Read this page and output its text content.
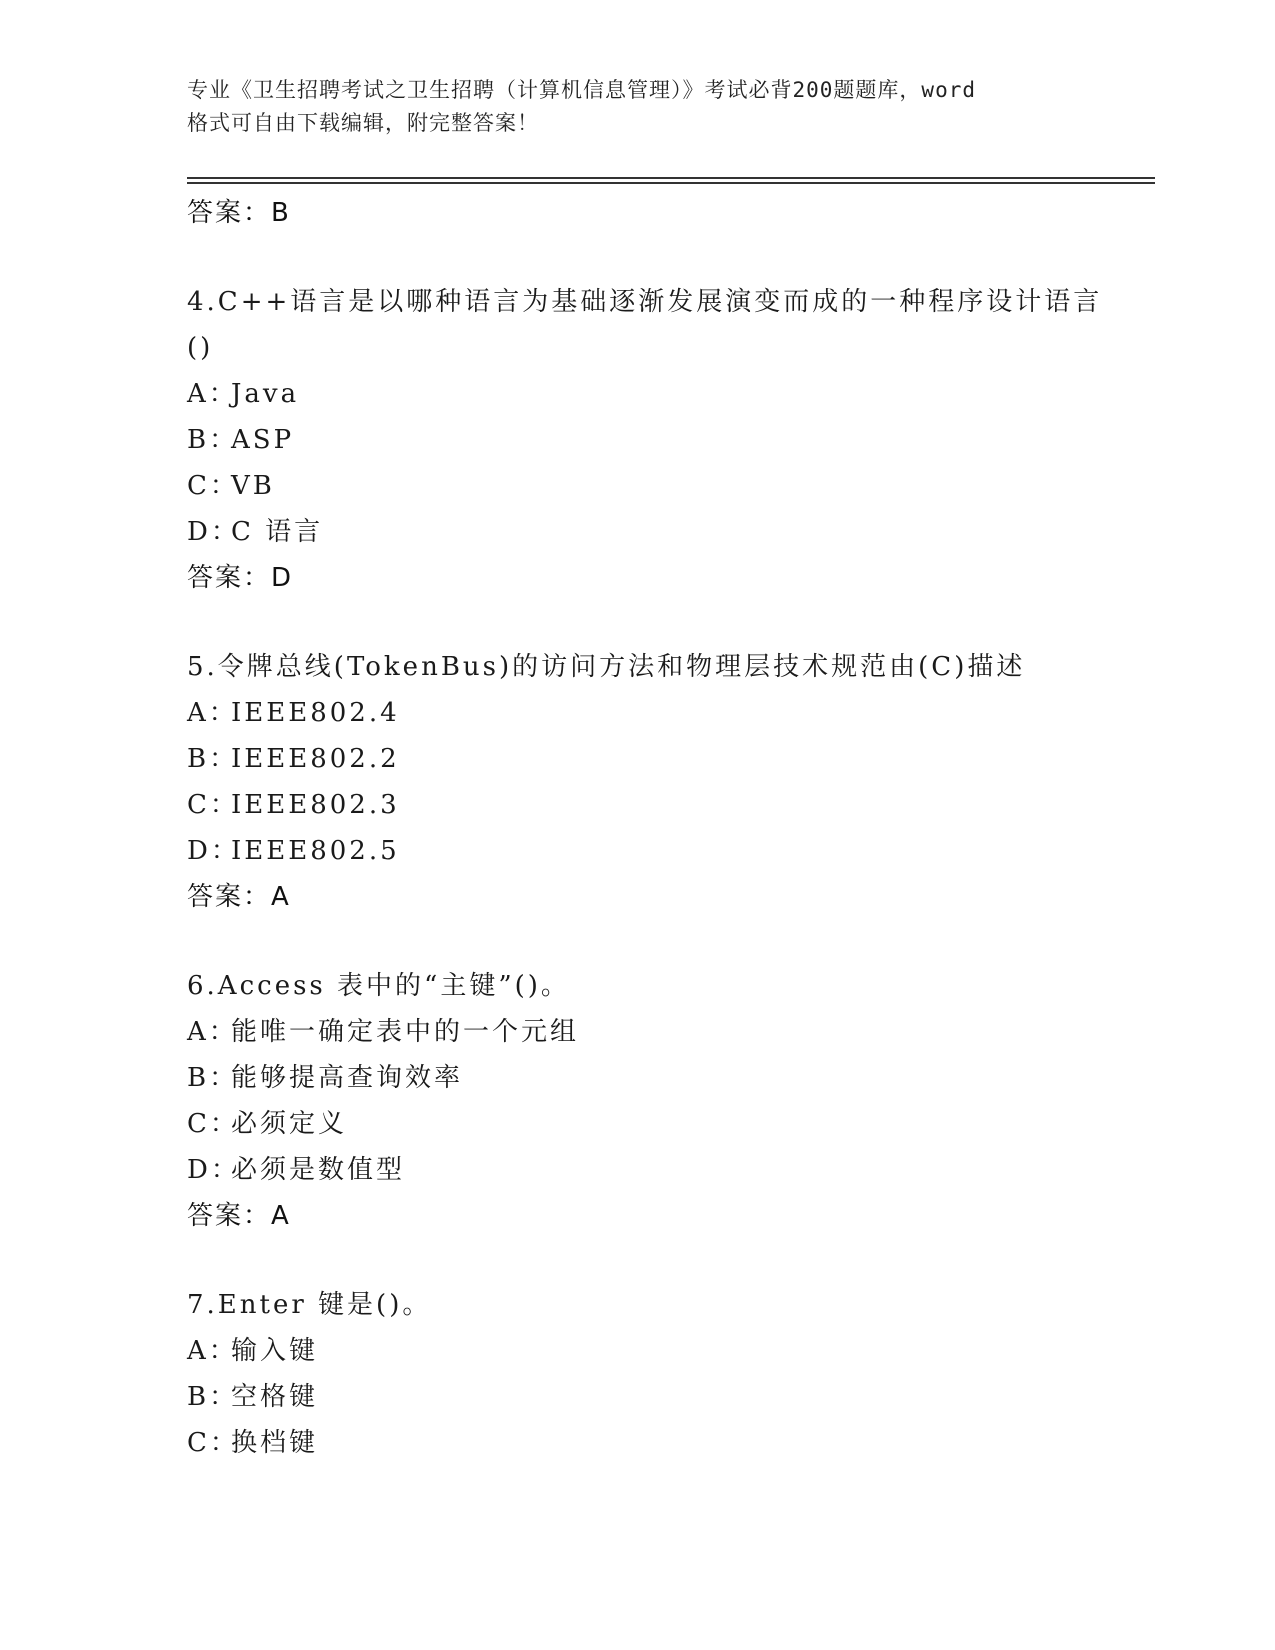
专业《卫生招聘考试之卫生招聘（计算机信息管理）》考试必背200题题库，word
格式可自由下载编辑，附完整答案！
答案：B
4.C++语言是以哪种语言为基础逐渐发展演变而成的一种程序设计语言
()
A：Java
B：ASP
C：VB
D：C 语言
答案：D
5.令牌总线(TokenBus)的访问方法和物理层技术规范由(C)描述
A：IEEE802.4
B：IEEE802.2
C：IEEE802.3
D：IEEE802.5
答案：A
6.Access 表中的“主键”()。
A：能唯一确定表中的一个元组
B：能够提高查询效率
C：必须定义
D：必须是数值型
答案：A
7.Enter 键是()。
A：输入键
B：空格键
C：换档键
